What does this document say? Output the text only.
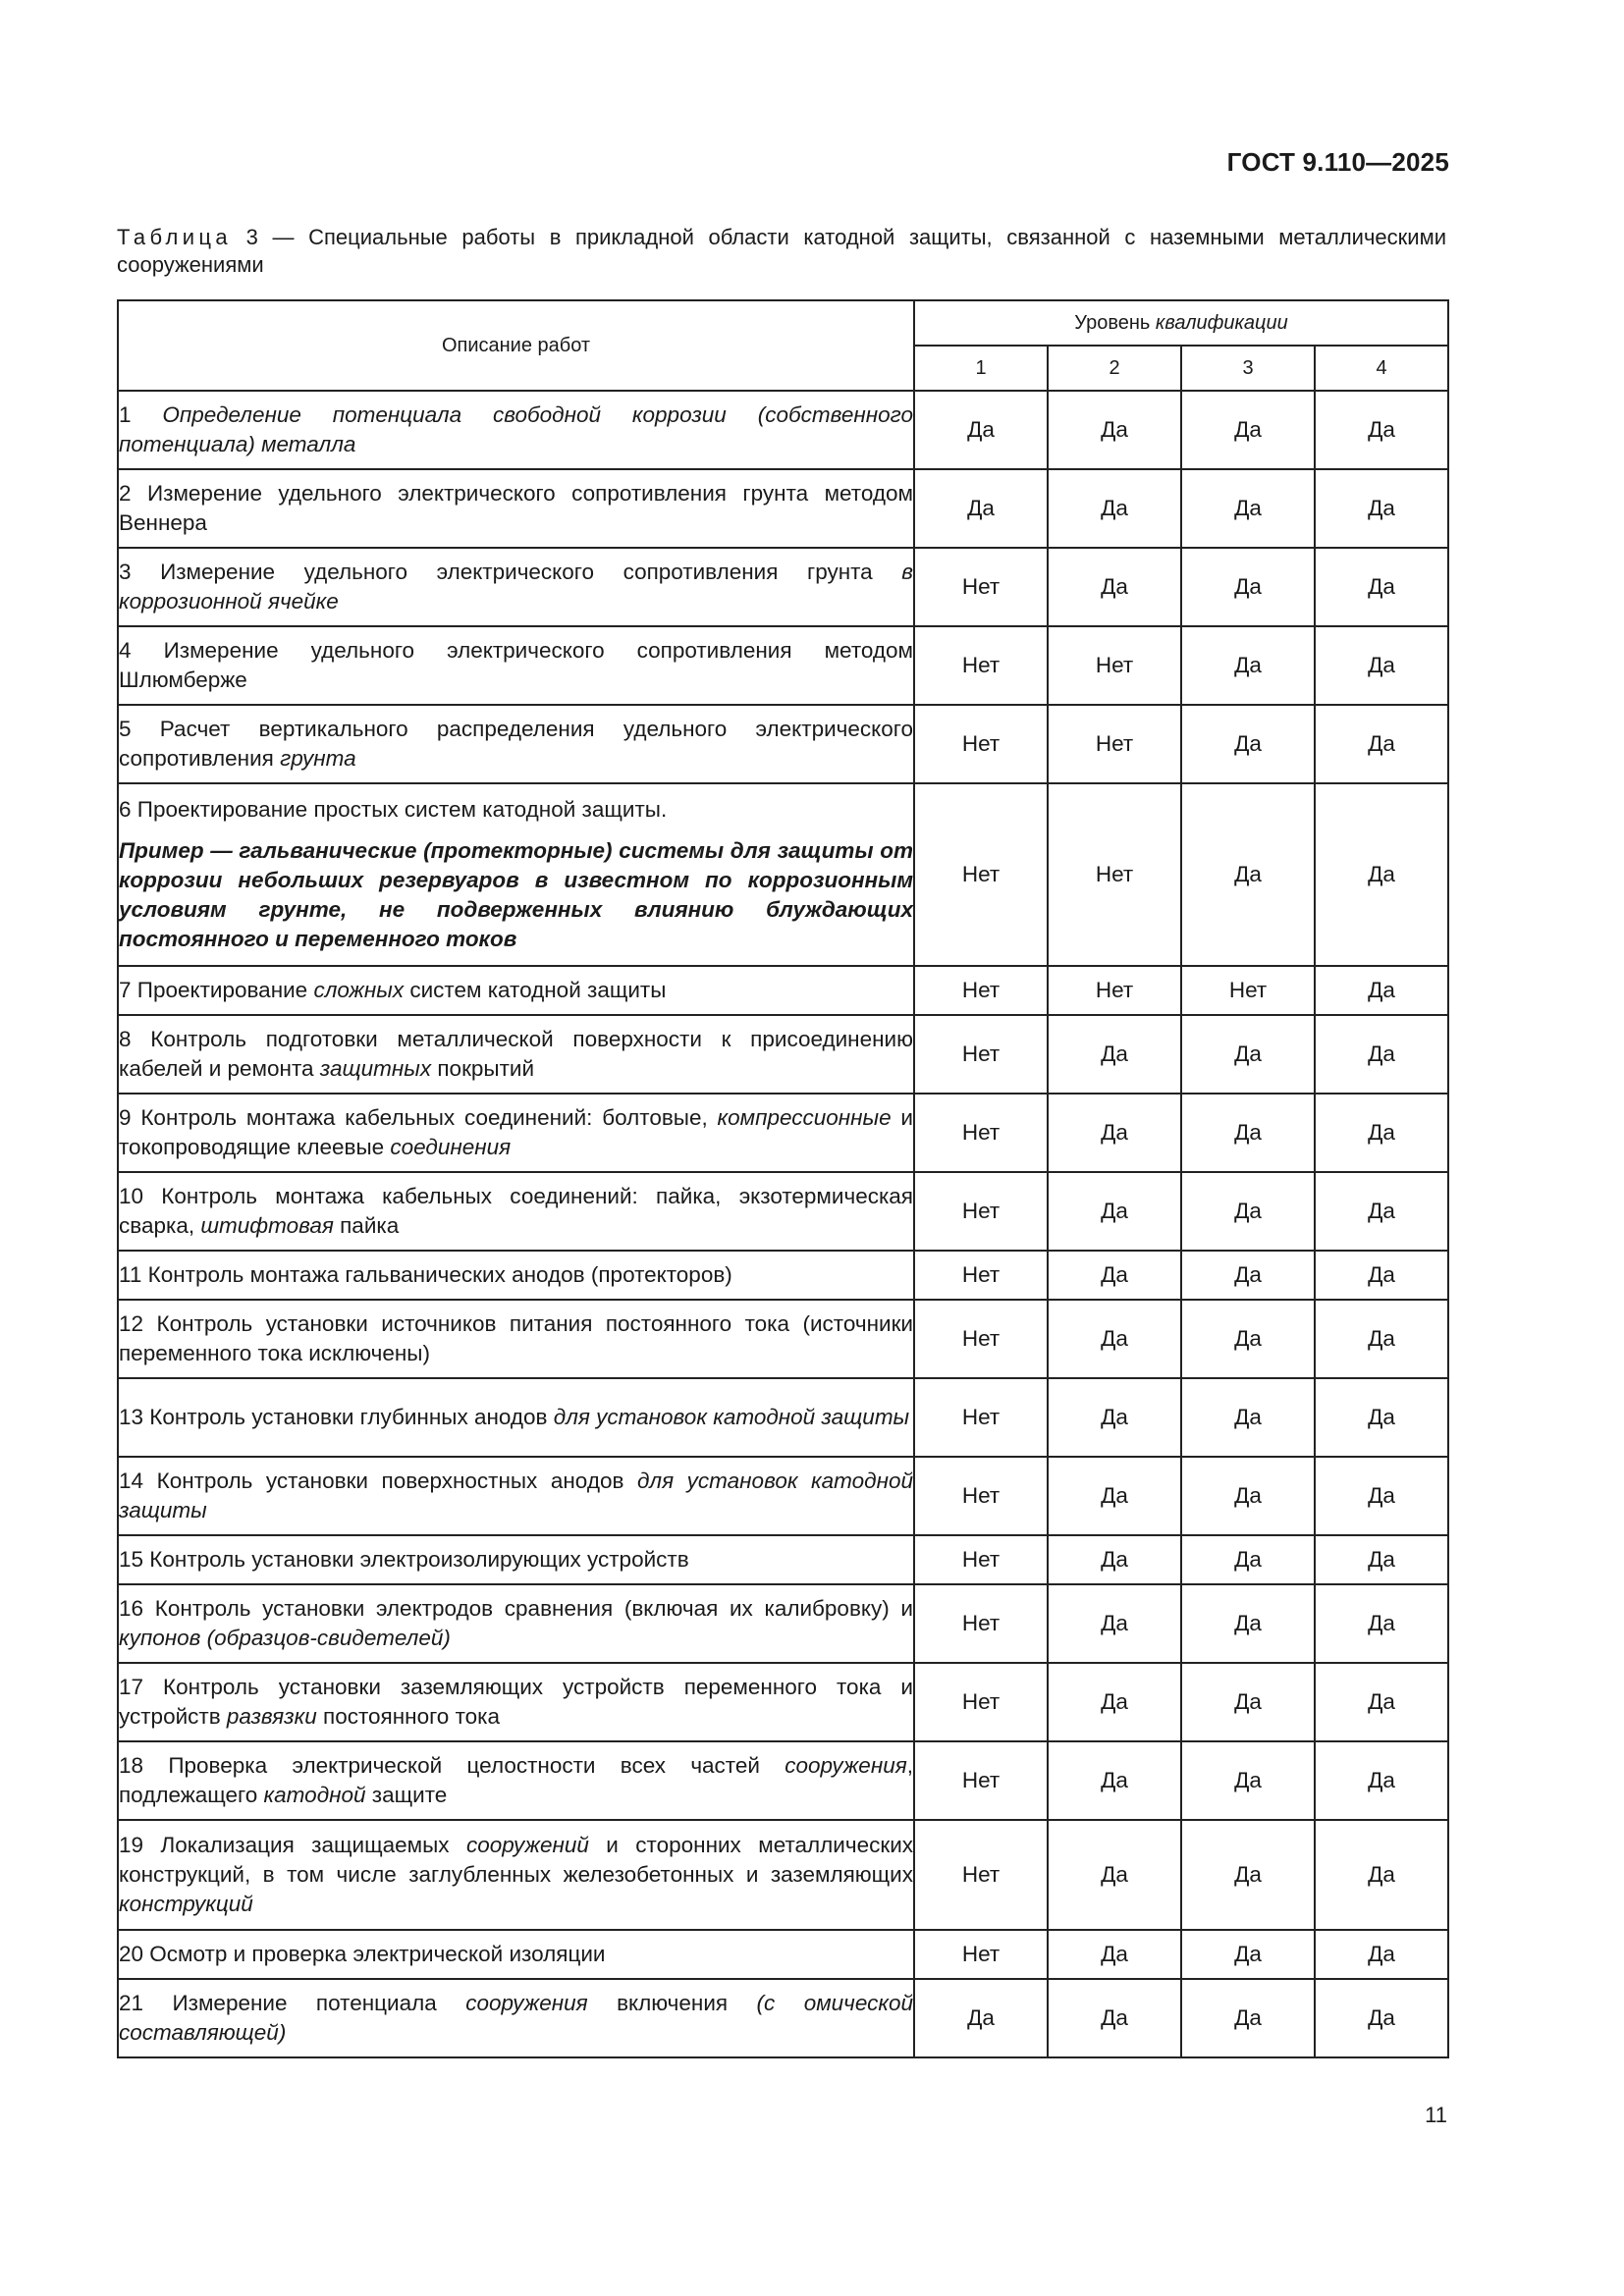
ГОСТ 9.110—2025
Таблица 3 — Специальные работы в прикладной области катодной защиты, связанной с наземными металлическими сооружениями
Описание работ	Уровень квалификации			
	1	2	3	4

1 Определение потенциала свободной коррозии (собственного потенциала) металла	Да	Да	Да	Да

2 Измерение удельного электрического сопротивления грунта методом Веннера	Да	Да	Да	Да

3 Измерение удельного электрического сопротивления грунта в коррозионной ячейке	Нет	Да	Да	Да

4 Измерение удельного электрического сопротивления методом Шлюмберже	Нет	Нет	Да	Да

5 Расчет вертикального распределения удельного электрического сопротивления грунта	Нет	Нет	Да	Да

6 Проектирование простых систем катодной защиты.

Пример — гальванические (протекторные) системы для защиты от коррозии небольших резервуаров в известном по коррозионным условиям грунте, не подверженных влиянию блуждающих постоянного и переменного токов	Нет	Нет	Да	Да

7 Проектирование сложных систем катодной защиты	Нет	Нет	Нет	Да

8 Контроль подготовки металлической поверхности к присоединению кабелей и ремонта защитных покрытий	Нет	Да	Да	Да

9 Контроль монтажа кабельных соединений: болтовые, компрессионные и токопроводящие клеевые соединения	Нет	Да	Да	Да

10 Контроль монтажа кабельных соединений: пайка, экзотермическая сварка, штифтовая пайка	Нет	Да	Да	Да

11 Контроль монтажа гальванических анодов (протекторов)	Нет	Да	Да	Да

12 Контроль установки источников питания постоянного тока (источники переменного тока исключены)	Нет	Да	Да	Да

13 Контроль установки глубинных анодов для установок катодной защиты	Нет	Да	Да	Да

14 Контроль установки поверхностных анодов для установок катодной защиты	Нет	Да	Да	Да

15 Контроль установки электроизолирующих устройств	Нет	Да	Да	Да

16 Контроль установки электродов сравнения (включая их калибровку) и купонов (образцов-свидетелей)	Нет	Да	Да	Да

17 Контроль установки заземляющих устройств переменного тока и устройств развязки постоянного тока	Нет	Да	Да	Да

18 Проверка электрической целостности всех частей сооружения, подлежащего катодной защите	Нет	Да	Да	Да

19 Локализация защищаемых сооружений и сторонних металлических конструкций, в том числе заглубленных железобетонных и заземляющих конструкций	Нет	Да	Да	Да

20 Осмотр и проверка электрической изоляции	Нет	Да	Да	Да

21 Измерение потенциала сооружения включения (с омической составляющей)	Да	Да	Да	Да
11
